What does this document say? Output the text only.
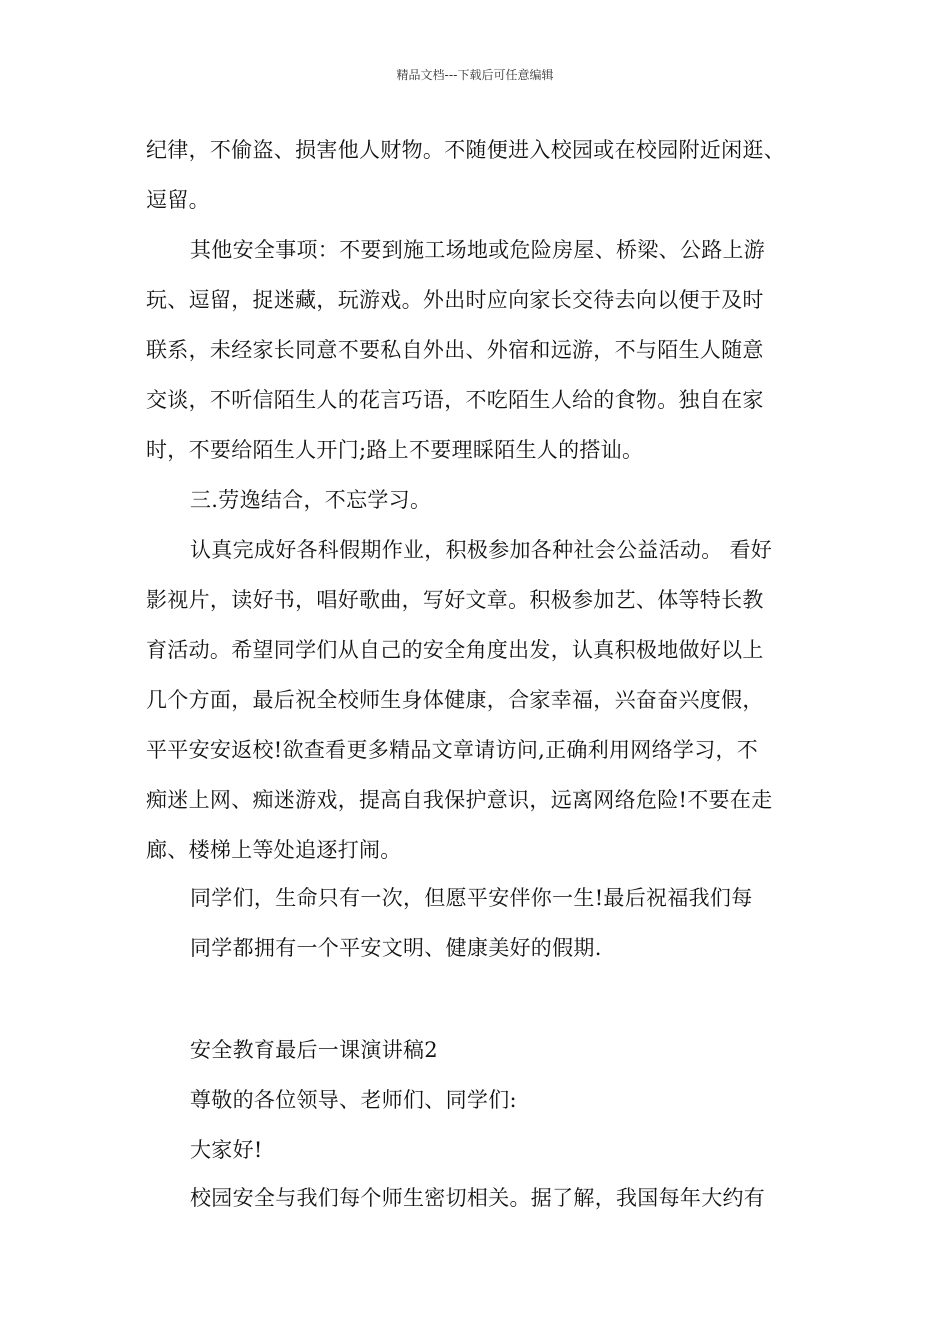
精品文档---下载后可任意编辑
纪律，不偷盗、损害他人财物。不随便进入校园或在校园附近闲逛、
逗留。
其他安全事项：不要到施工场地或危险房屋、桥梁、公路上游
玩、逗留，捉迷藏，玩游戏。外出时应向家长交待去向以便于及时
联系，未经家长同意不要私自外出、外宿和远游，不与陌生人随意
交谈，不听信陌生人的花言巧语，不吃陌生人给的食物。独自在家
时，不要给陌生人开门;路上不要理睬陌生人的搭讪。
三.劳逸结合，不忘学习。
认真完成好各科假期作业，积极参加各种社会公益活动。 看好
影视片，读好书，唱好歌曲，写好文章。积极参加艺、体等特长教
育活动。希望同学们从自己的安全角度出发，认真积极地做好以上
几个方面，最后祝全校师生身体健康，合家幸福，兴奋奋兴度假，
平平安安返校!欲查看更多精品文章请访问,正确利用网络学习，不
痴迷上网、痴迷游戏，提高自我保护意识，远离网络危险!不要在走
廊、楼梯上等处追逐打闹。
同学们，生命只有一次，但愿平安伴你一生!最后祝福我们每
同学都拥有一个平安文明、健康美好的假期.
安全教育最后一课演讲稿2
尊敬的各位领导、老师们、同学们:
大家好!
校园安全与我们每个师生密切相关。据了解，我国每年大约有
